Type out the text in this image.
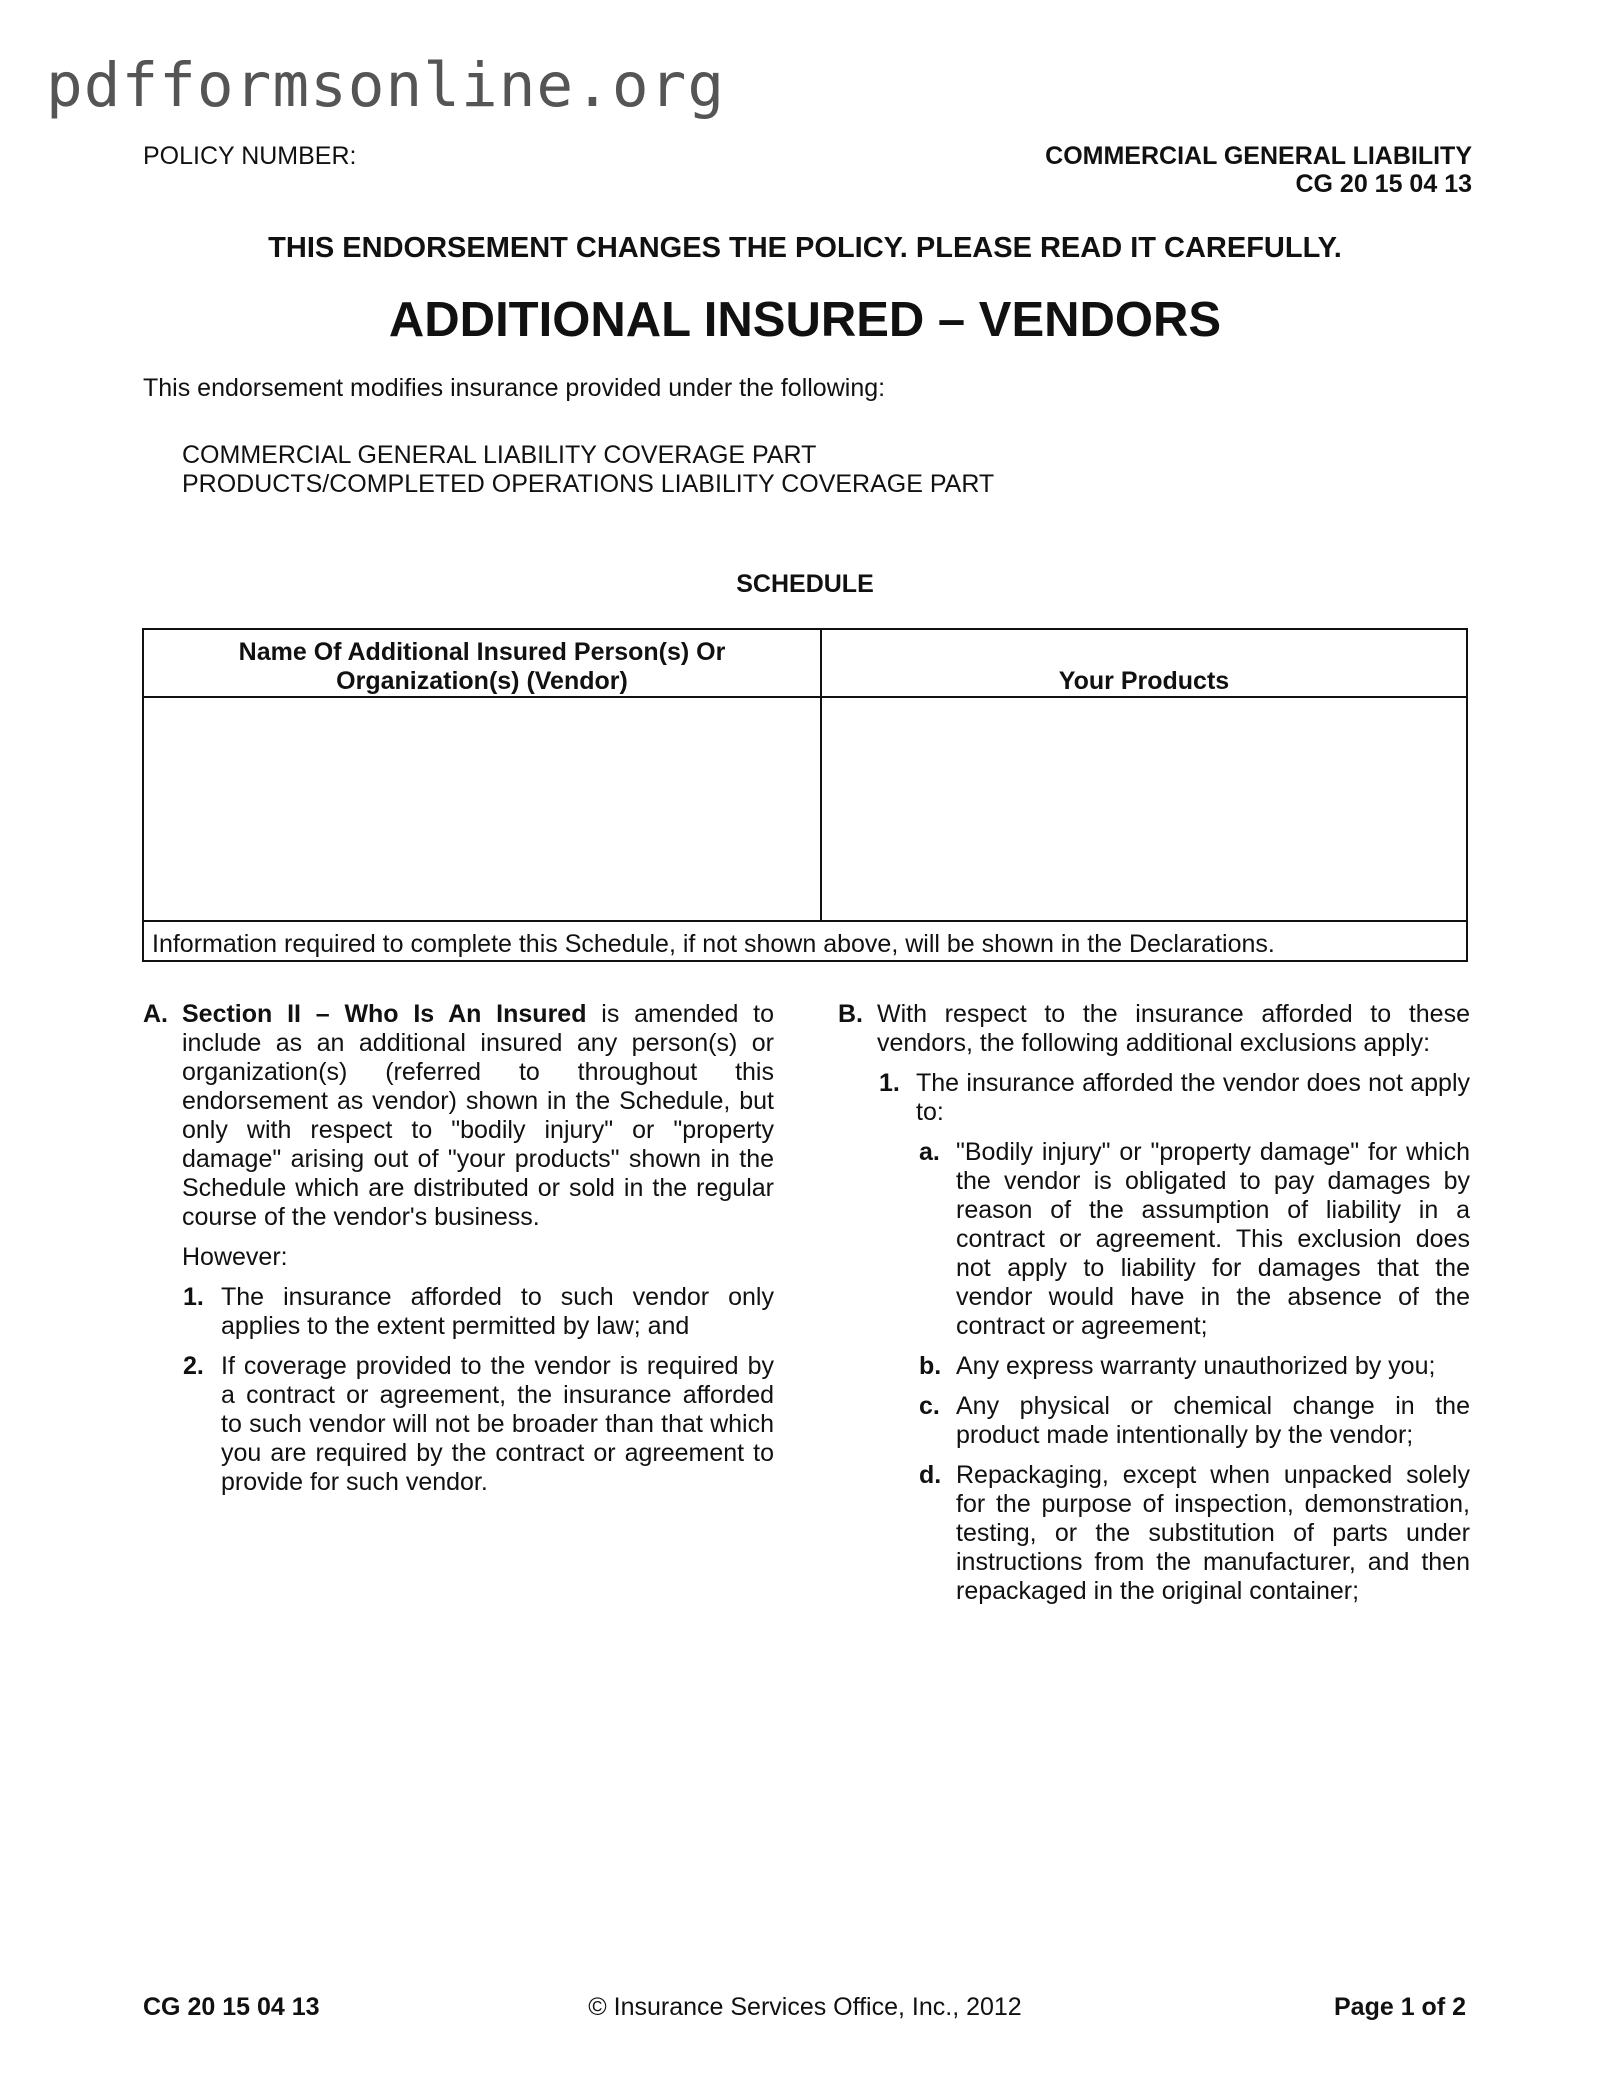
pdfformsonline.org
POLICY NUMBER:	COMMERCIAL GENERAL LIABILITY
CG 20 15 04 13
THIS ENDORSEMENT CHANGES THE POLICY. PLEASE READ IT CAREFULLY.
ADDITIONAL INSURED – VENDORS
This endorsement modifies insurance provided under the following:
COMMERCIAL GENERAL LIABILITY COVERAGE PART
PRODUCTS/COMPLETED OPERATIONS LIABILITY COVERAGE PART
SCHEDULE
Name Of Additional Insured Person(s) Or
Organization(s) (Vendor)	Your Products
Information required to complete this Schedule, if not shown above, will be shown in the Declarations.
A. Section II – Who Is An Insured is amended to include as an additional insured any person(s) or organization(s) (referred to throughout this endorsement as vendor) shown in the Schedule, but only with respect to "bodily injury" or "property damage" arising out of "your products" shown in the Schedule which are distributed or sold in the regular course of the vendor's business.

However:

1. The insurance afforded to such vendor only applies to the extent permitted by law; and

2. If coverage provided to the vendor is required by a contract or agreement, the insurance afforded to such vendor will not be broader than that which you are required by the contract or agreement to provide for such vendor.

B. With respect to the insurance afforded to these vendors, the following additional exclusions apply:

1. The insurance afforded the vendor does not apply to:

a. "Bodily injury" or "property damage" for which the vendor is obligated to pay damages by reason of the assumption of liability in a contract or agreement. This exclusion does not apply to liability for damages that the vendor would have in the absence of the contract or agreement;

b. Any express warranty unauthorized by you;

c. Any physical or chemical change in the product made intentionally by the vendor;

d. Repackaging, except when unpacked solely for the purpose of inspection, demonstration, testing, or the substitution of parts under instructions from the manufacturer, and then repackaged in the original container;

CG 20 15 04 13	© Insurance Services Office, Inc., 2012	Page 1 of 2
